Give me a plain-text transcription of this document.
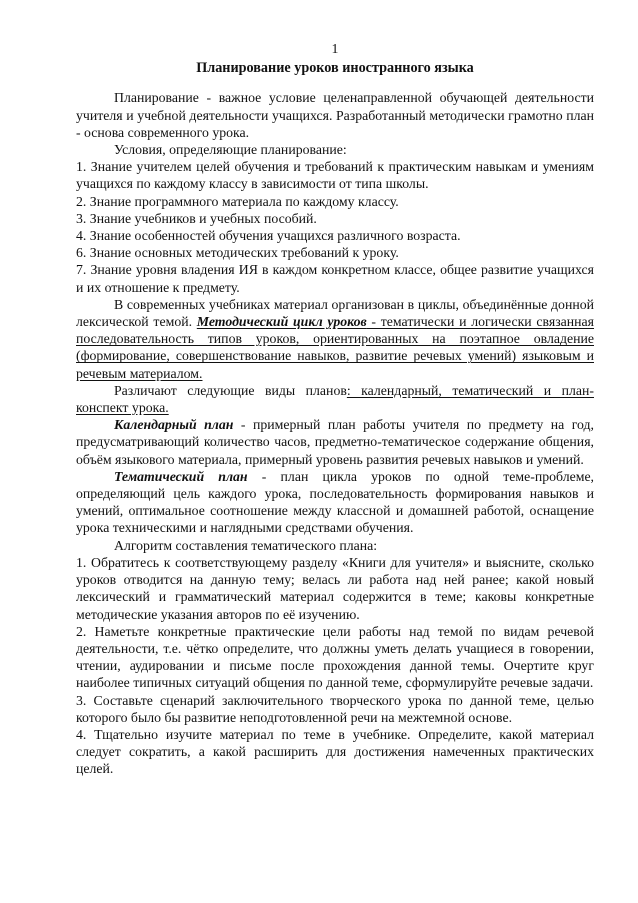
1
Планирование уроков иностранного языка

Планирование - важное условие целенаправленной обучающей деятельности учителя и учебной деятельности учащихся. Разработанный методически грамотно план - основа современного урока.

Условия, определяющие планирование:

1. Знание учителем целей обучения и требований к практическим навыкам и умениям учащихся по каждому классу в зависимости от типа школы.

2. Знание программного материала по каждому классу.

3. Знание учебников и учебных пособий.

4. Знание особенностей обучения учащихся различного возраста.

6. Знание основных методических требований к уроку.

7. Знание уровня владения ИЯ в каждом конкретном классе, общее развитие учащихся и их отношение к предмету.

В современных учебниках материал организован в циклы, объединённые донной лексической темой. Методический цикл уроков - тематически и логически связанная последовательность типов уроков, ориентированных на поэтапное овладение (формирование, совершенствование навыков, развитие речевых умений) языковым и речевым материалом.

Различают следующие виды планов: календарный, тематический и план-конспект урока.

Календарный план - примерный план работы учителя по предмету на год, предусматривающий количество часов, предметно-тематическое содержание общения, объём языкового материала, примерный уровень развития речевых навыков и умений.

Тематический план - план цикла уроков по одной теме-проблеме, определяющий цель каждого урока, последовательность формирования навыков и умений, оптимальное соотношение между классной и домашней работой, оснащение урока техническими и наглядными средствами обучения.

Алгоритм составления тематического плана:

1. Обратитесь к соответствующему разделу «Книги для учителя» и выясните, сколько уроков отводится на данную тему; велась ли работа над ней ранее; какой новый лексический и грамматический материал содержится в теме; каковы конкретные методические указания авторов по её изучению.

2. Наметьте конкретные практические цели работы над темой по видам речевой деятельности, т.е. чётко определите, что должны уметь делать учащиеся в говорении, чтении, аудировании и письме после прохождения данной темы. Очертите круг наиболее типичных ситуаций общения по данной теме, сформулируйте речевые задачи.

3. Составьте сценарий заключительного творческого урока по данной теме, целью которого было бы развитие неподготовленной речи на межтемной основе.

4. Тщательно изучите материал по теме в учебнике. Определите, какой материал следует сократить, а какой расширить для достижения намеченных практических целей.
